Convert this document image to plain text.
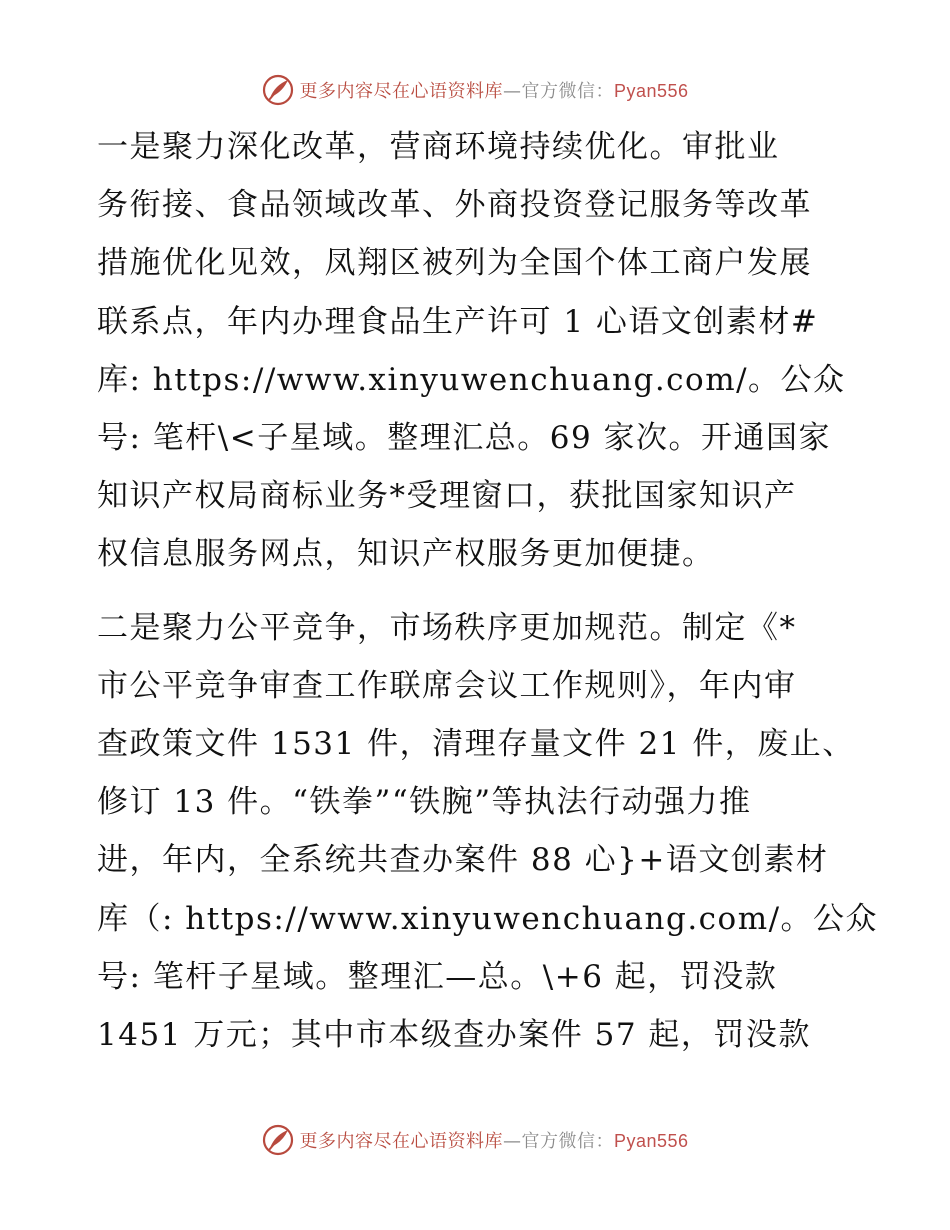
更多内容尽在心语资料库—官方微信：Pyan556

一是聚力深化改革，营商环境持续优化。审批业
务衔接、食品领域改革、外商投资登记服务等改革
措施优化见效，凤翔区被列为全国个体工商户发展
联系点，年内办理食品生产许可 1 心语文创素材#
库: https://www.xinyuwenchuang.com/。公众
号: 笔杆\<子星域。整理汇总。69 家次。开通国家
知识产权局商标业务*受理窗口，获批国家知识产
权信息服务网点，知识产权服务更加便捷。

二是聚力公平竞争，市场秩序更加规范。制定《*
市公平竞争审查工作联席会议工作规则》，年内审
查政策文件 1531 件，清理存量文件 21 件，废止、
修订 13 件。“铁拳”“铁腕”等执法行动强力推
进，年内，全系统共查办案件 88 心}+语文创素材
库（: https://www.xinyuwenchuang.com/。公众
号: 笔杆子星域。整理汇—总。\+6 起，罚没款
1451 万元；其中市本级查办案件 57 起，罚没款

更多内容尽在心语资料库—官方微信：Pyan556
